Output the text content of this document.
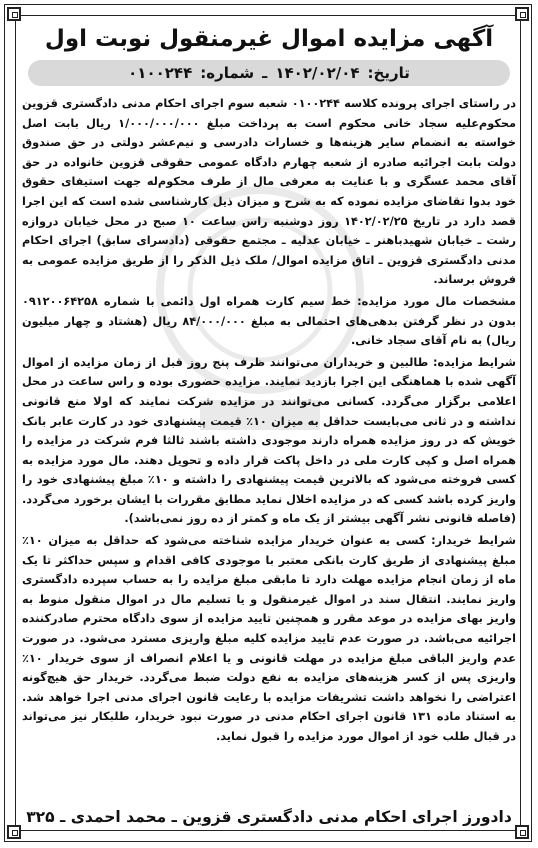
آگهی مزایده اموال غیرمنقول نوبت اول
تاریخ:
۱۴۰۲/۰۲/۰۴
ـ
شماره:
۰۱۰۰۲۴۴

در راستای اجرای پرونده کلاسه ۰۱۰۰۲۴۴ شعبه سوم اجرای احکام مدنی دادگستری قزوین محکوم‌علیه سجاد خانی محکوم است به پرداخت مبلغ ۱/۰۰۰/۰۰۰/۰۰۰ ریال بابت اصل خواسته به انضمام سایر هزینه‌ها و خسارات دادرسی و نیم‌عشر دولتی در حق صندوق دولت بابت اجرائیه صادره از شعبه چهارم دادگاه عمومی حقوقی قزوین خانواده در حق آقای محمد عسگری و با عنایت به معرفی مال از طرف محکوم‌له جهت استیفای حقوق خود بدوا تقاضای مزایده نموده که به شرح و میزان ذیل کارشناسی شده است که این اجرا قصد دارد در تاریخ ۱۴۰۲/۰۲/۲۵ روز دوشنبه راس ساعت ۱۰ صبح در محل خیابان دروازه رشت ـ خیابان شهیدباهنر ـ خیابان عدلیه ـ مجتمع حقوقی (دادسرای سابق) اجرای احکام مدنی دادگستری قزوین ـ اتاق مزایده اموال/ ملک ذیل الذکر را از طریق مزایده عمومی به فروش برساند.

مشخصات مال مورد مزایده: خط سیم کارت همراه اول دائمی با شماره ۰۹۱۲۰۰۶۴۲۵۸ بدون در نظر گرفتن بدهی‌های احتمالی به مبلغ ۸۴/۰۰۰/۰۰۰ ریال (هشتاد و چهار میلیون ریال) به نام آقای سجاد خانی.

شرایط مزایده: طالبین و خریداران می‌توانند ظرف پنج روز قبل از زمان مزایده از اموال آگهی شده با هماهنگی این اجرا بازدید نمایند. مزایده حضوری بوده و راس ساعت در محل اعلامی برگزار می‌گردد. کسانی می‌توانند در مزایده شرکت نمایند که اولا منع قانونی نداشته و در ثانی می‌بایست حداقل به میزان ۱۰٪ قیمت پیشنهادی خود در کارت عابر بانک خویش که در روز مزایده همراه دارند موجودی داشته باشند ثالثا فرم شرکت در مزایده را همراه اصل و کپی کارت ملی در داخل پاکت قرار داده و تحویل دهند. مال مورد مزایده به کسی فروخته می‌شود که بالاترین قیمت پیشنهادی را داشته و ۱۰٪ مبلغ پیشنهادی خود را واریز کرده باشد کسی که در مزایده اخلال نماید مطابق مقررات با ایشان برخورد می‌گردد. (فاصله قانونی نشر آگهی بیشتر از یک ماه و کمتر از ده روز نمی‌باشد).

شرایط خریدار: کسی به عنوان خریدار مزایده شناخته می‌شود که حداقل به میزان ۱۰٪ مبلغ پیشنهادی از طریق کارت بانکی معتبر با موجودی کافی اقدام و سپس حداکثر تا یک ماه از زمان انجام مزایده مهلت دارد تا مابقی مبلغ مزایده را به حساب سپرده دادگستری واریز نمایند. انتقال سند در اموال غیرمنقول و یا تسلیم مال در اموال منقول منوط به واریز بهای مزایده در موعد مقرر و همچنین تایید مزایده از سوی دادگاه محترم صادرکننده اجرائیه می‌باشد. در صورت عدم تایید مزایده کلیه مبلغ واریزی مسترد می‌شود. در صورت عدم واریز الباقی مبلغ مزایده در مهلت قانونی و یا اعلام انصراف از سوی خریدار ۱۰٪ واریزی پس از کسر هزینه‌های مزایده به نفع دولت ضبط می‌گردد. خریدار حق هیچ‌گونه اعتراضی را نخواهد داشت تشریفات مزایده با رعایت قانون اجرای مدنی اجرا خواهد شد. به استناد ماده ۱۳۱ قانون اجرای احکام مدنی در صورت نبود خریدار، طلبکار نیز می‌تواند در قبال طلب خود از اموال مورد مزایده را قبول نماید.

دادورز اجرای احکام مدنی دادگستری قزوین ـ محمد احمدی ـ ۳۲۵
